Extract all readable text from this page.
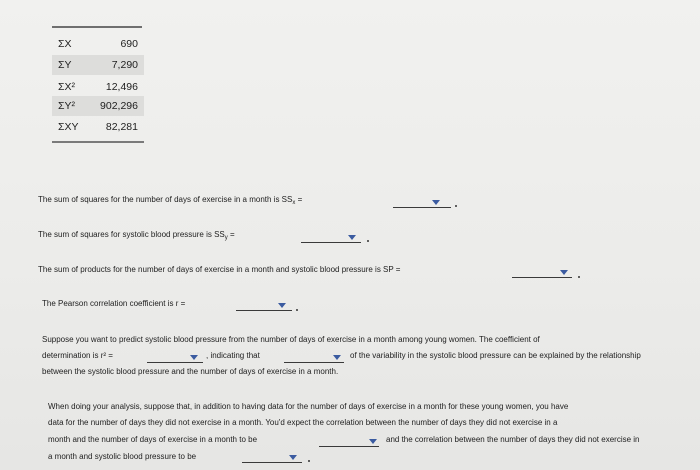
ΣX	690
ΣY	7,290
ΣX²	12,496
ΣY² 902,296
ΣXY	82,281
The sum of squares for the number of days of exercise in a month is $SS_x$ =
The sum of squares for systolic blood pressure is $SS_y$ =
The sum of products for the number of days of exercise in a month and systolic blood pressure is SP =
The Pearson correlation coefficient is r =
Suppose you want to predict systolic blood pressure from the number of days of exercise in a month among young women. The coefficient of
determination is r² =	, indicating that	of the variability in the systolic blood pressure can be explained by the relationship
between the systolic blood pressure and the number of days of exercise in a month.
When doing your analysis, suppose that, in addition to having data for the number of days of exercise in a month for these young women, you have
data for the number of days they did not exercise in a month. You'd expect the correlation between the number of days they did not exercise in a
month and the number of days of exercise in a month to be	and the correlation between the number of days they did not exercise in
a month and systolic blood pressure to be
